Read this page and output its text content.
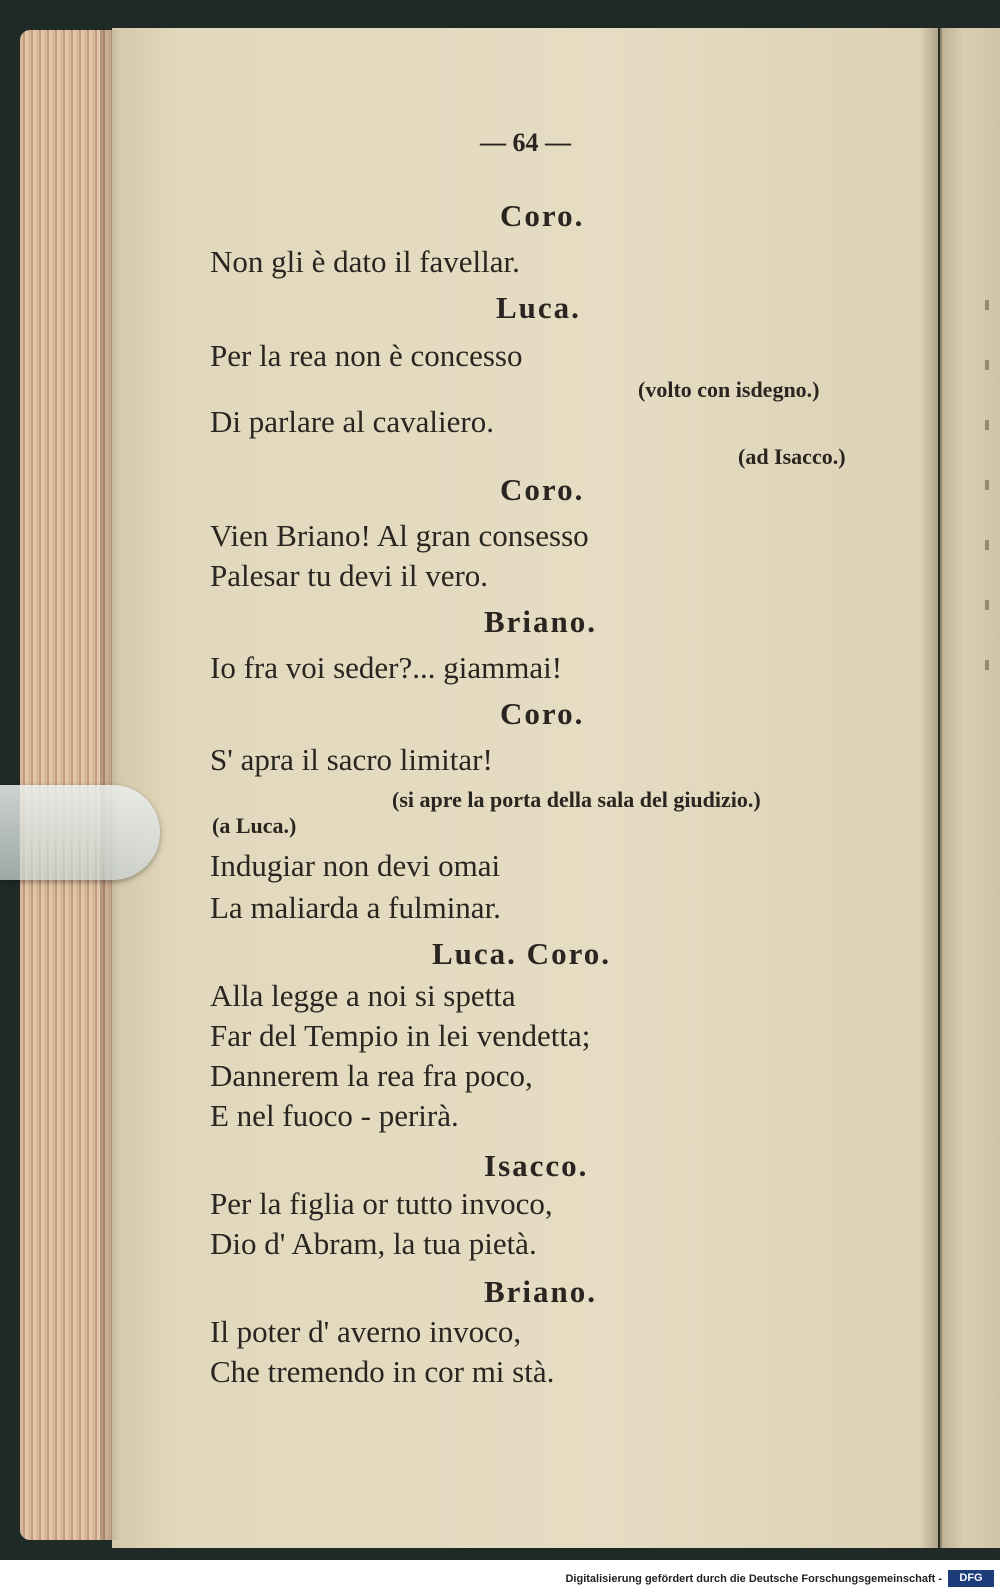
— 64 —
Coro.
Non gli è dato il favellar.
Luca.
Per la rea non è concesso
(volto con isdegno.)
Di parlare al cavaliero.
(ad Isacco.)
Coro.
Vien Briano! Al gran consesso
Palesar tu devi il vero.
Briano.
Io fra voi seder?... giammai!
Coro.
S' apra il sacro limitar!
(si apre la porta della sala del giudizio.)
(a Luca.)
Indugiar non devi omai
La maliarda a fulminar.
Luca. Coro.
Alla legge a noi si spetta
Far del Tempio in lei vendetta;
Dannerem la rea fra poco,
E nel fuoco - perirà.
Isacco.
Per la figlia or tutto invoco,
Dio d' Abram, la tua pietà.
Briano.
Il poter d' averno invoco,
Che tremendo in cor mi stà.
Digitalisierung gefördert durch die Deutsche Forschungsgemeinschaft -	DFG
